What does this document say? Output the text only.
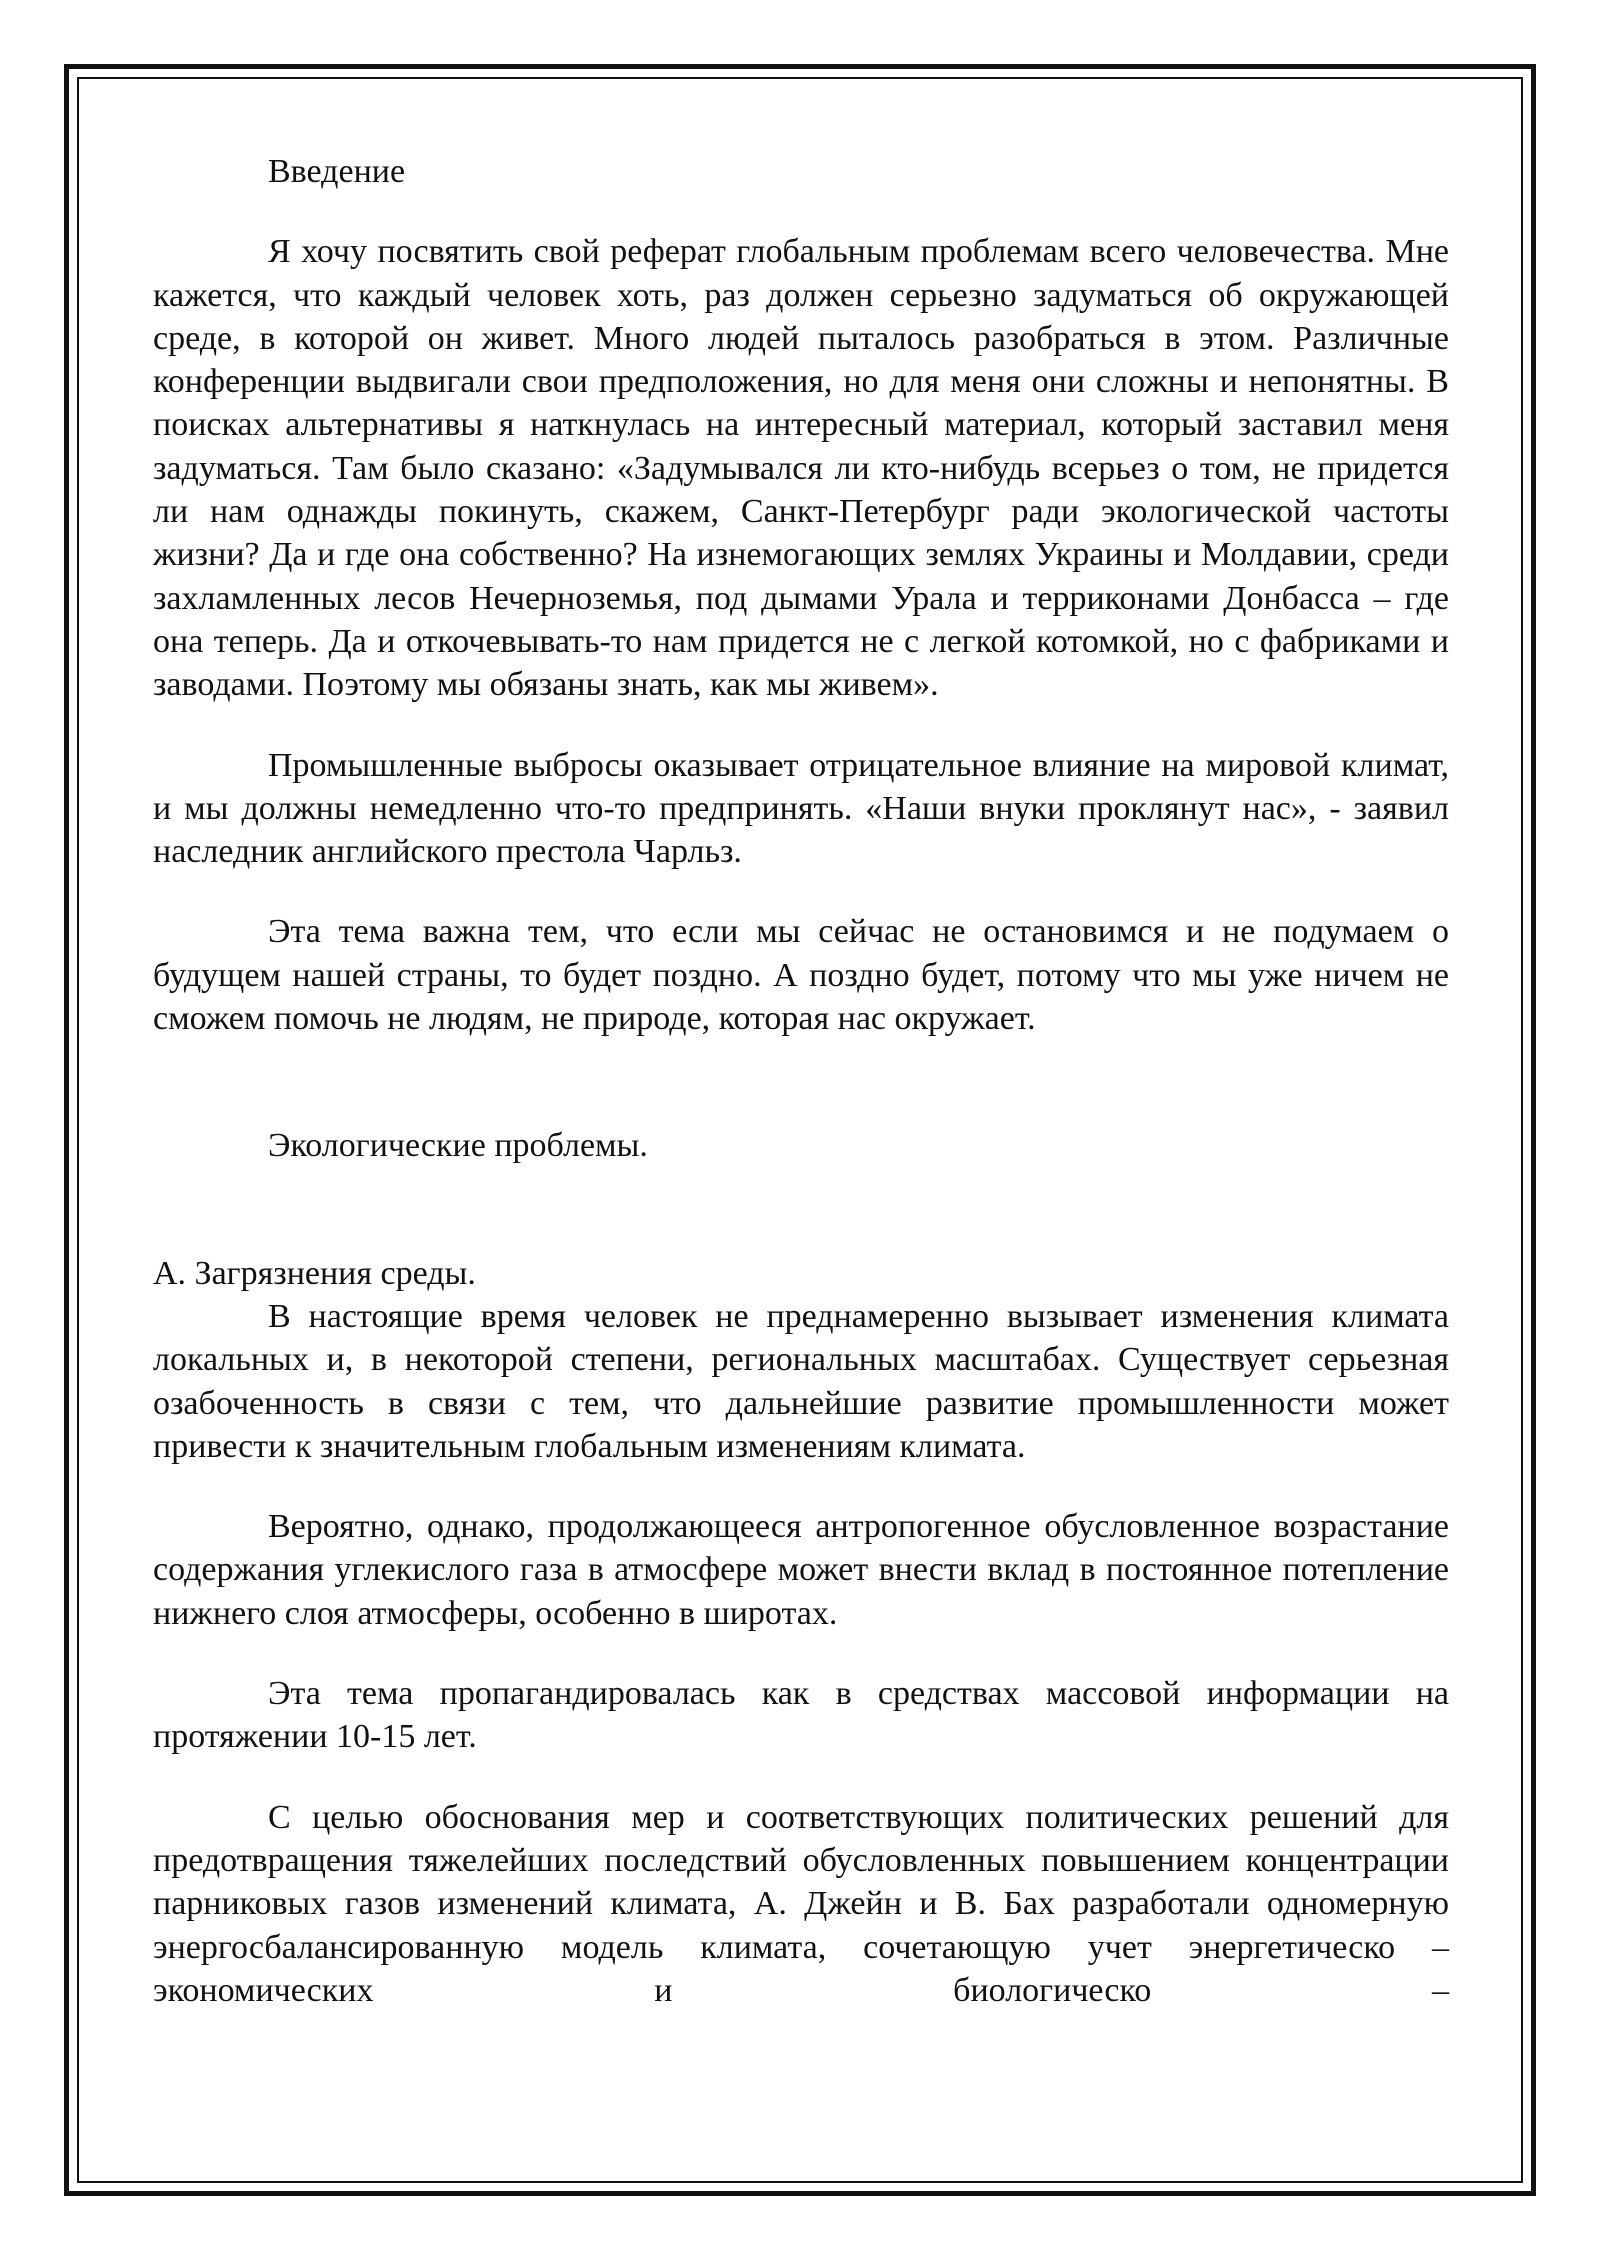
Введение

Я хочу посвятить свой реферат глобальным проблемам всего человечества. Мне кажется, что каждый человек хоть, раз должен серьезно задуматься об окружающей среде, в которой он живет. Много людей пыталось разобраться в этом. Различные конференции выдвигали свои предположения, но для меня они сложны и непонятны. В поисках альтернативы я наткнулась на интересный материал, который заставил меня задуматься. Там было сказано: «Задумывался ли кто-нибудь всерьез о том, не придется ли нам однажды покинуть, скажем, Санкт-Петербург ради экологической частоты жизни? Да и где она собственно? На изнемогающих землях Украины и Молдавии, среди захламленных лесов Нечерноземья, под дымами Урала и терриконами Донбасса – где она теперь. Да и откочевывать-то нам придется не с легкой котомкой, но с фабриками и заводами. Поэтому мы обязаны знать, как мы живем».

Промышленные выбросы оказывает отрицательное влияние на мировой климат, и мы должны немедленно что-то предпринять. «Наши внуки проклянут нас», - заявил наследник английского престола Чарльз.

Эта тема важна тем, что если мы сейчас не остановимся и не подумаем о будущем нашей страны, то будет поздно. А поздно будет, потому что мы уже ничем не сможем помочь не людям, не природе, которая нас окружает.

Экологические проблемы.

А. Загрязнения среды.

В настоящие время человек не преднамеренно вызывает изменения климата локальных и, в некоторой степени, региональных масштабах. Существует серьезная озабоченность в связи с тем, что дальнейшие развитие промышленности может привести к значительным глобальным изменениям климата.

Вероятно, однако, продолжающееся антропогенное обусловленное возрастание содержания углекислого газа в атмосфере может внести вклад в постоянное потепление нижнего слоя атмосферы, особенно в широтах.

Эта тема пропагандировалась как в средствах массовой информации на протяжении 10-15 лет.

С целью обоснования мер и соответствующих политических решений для предотвращения тяжелейших последствий обусловленных повышением концентрации парниковых газов изменений климата, А. Джейн и В. Бах разработали одномерную энергосбалансированную модель климата, сочетающую учет энергетическо – экономических и биологическо –
